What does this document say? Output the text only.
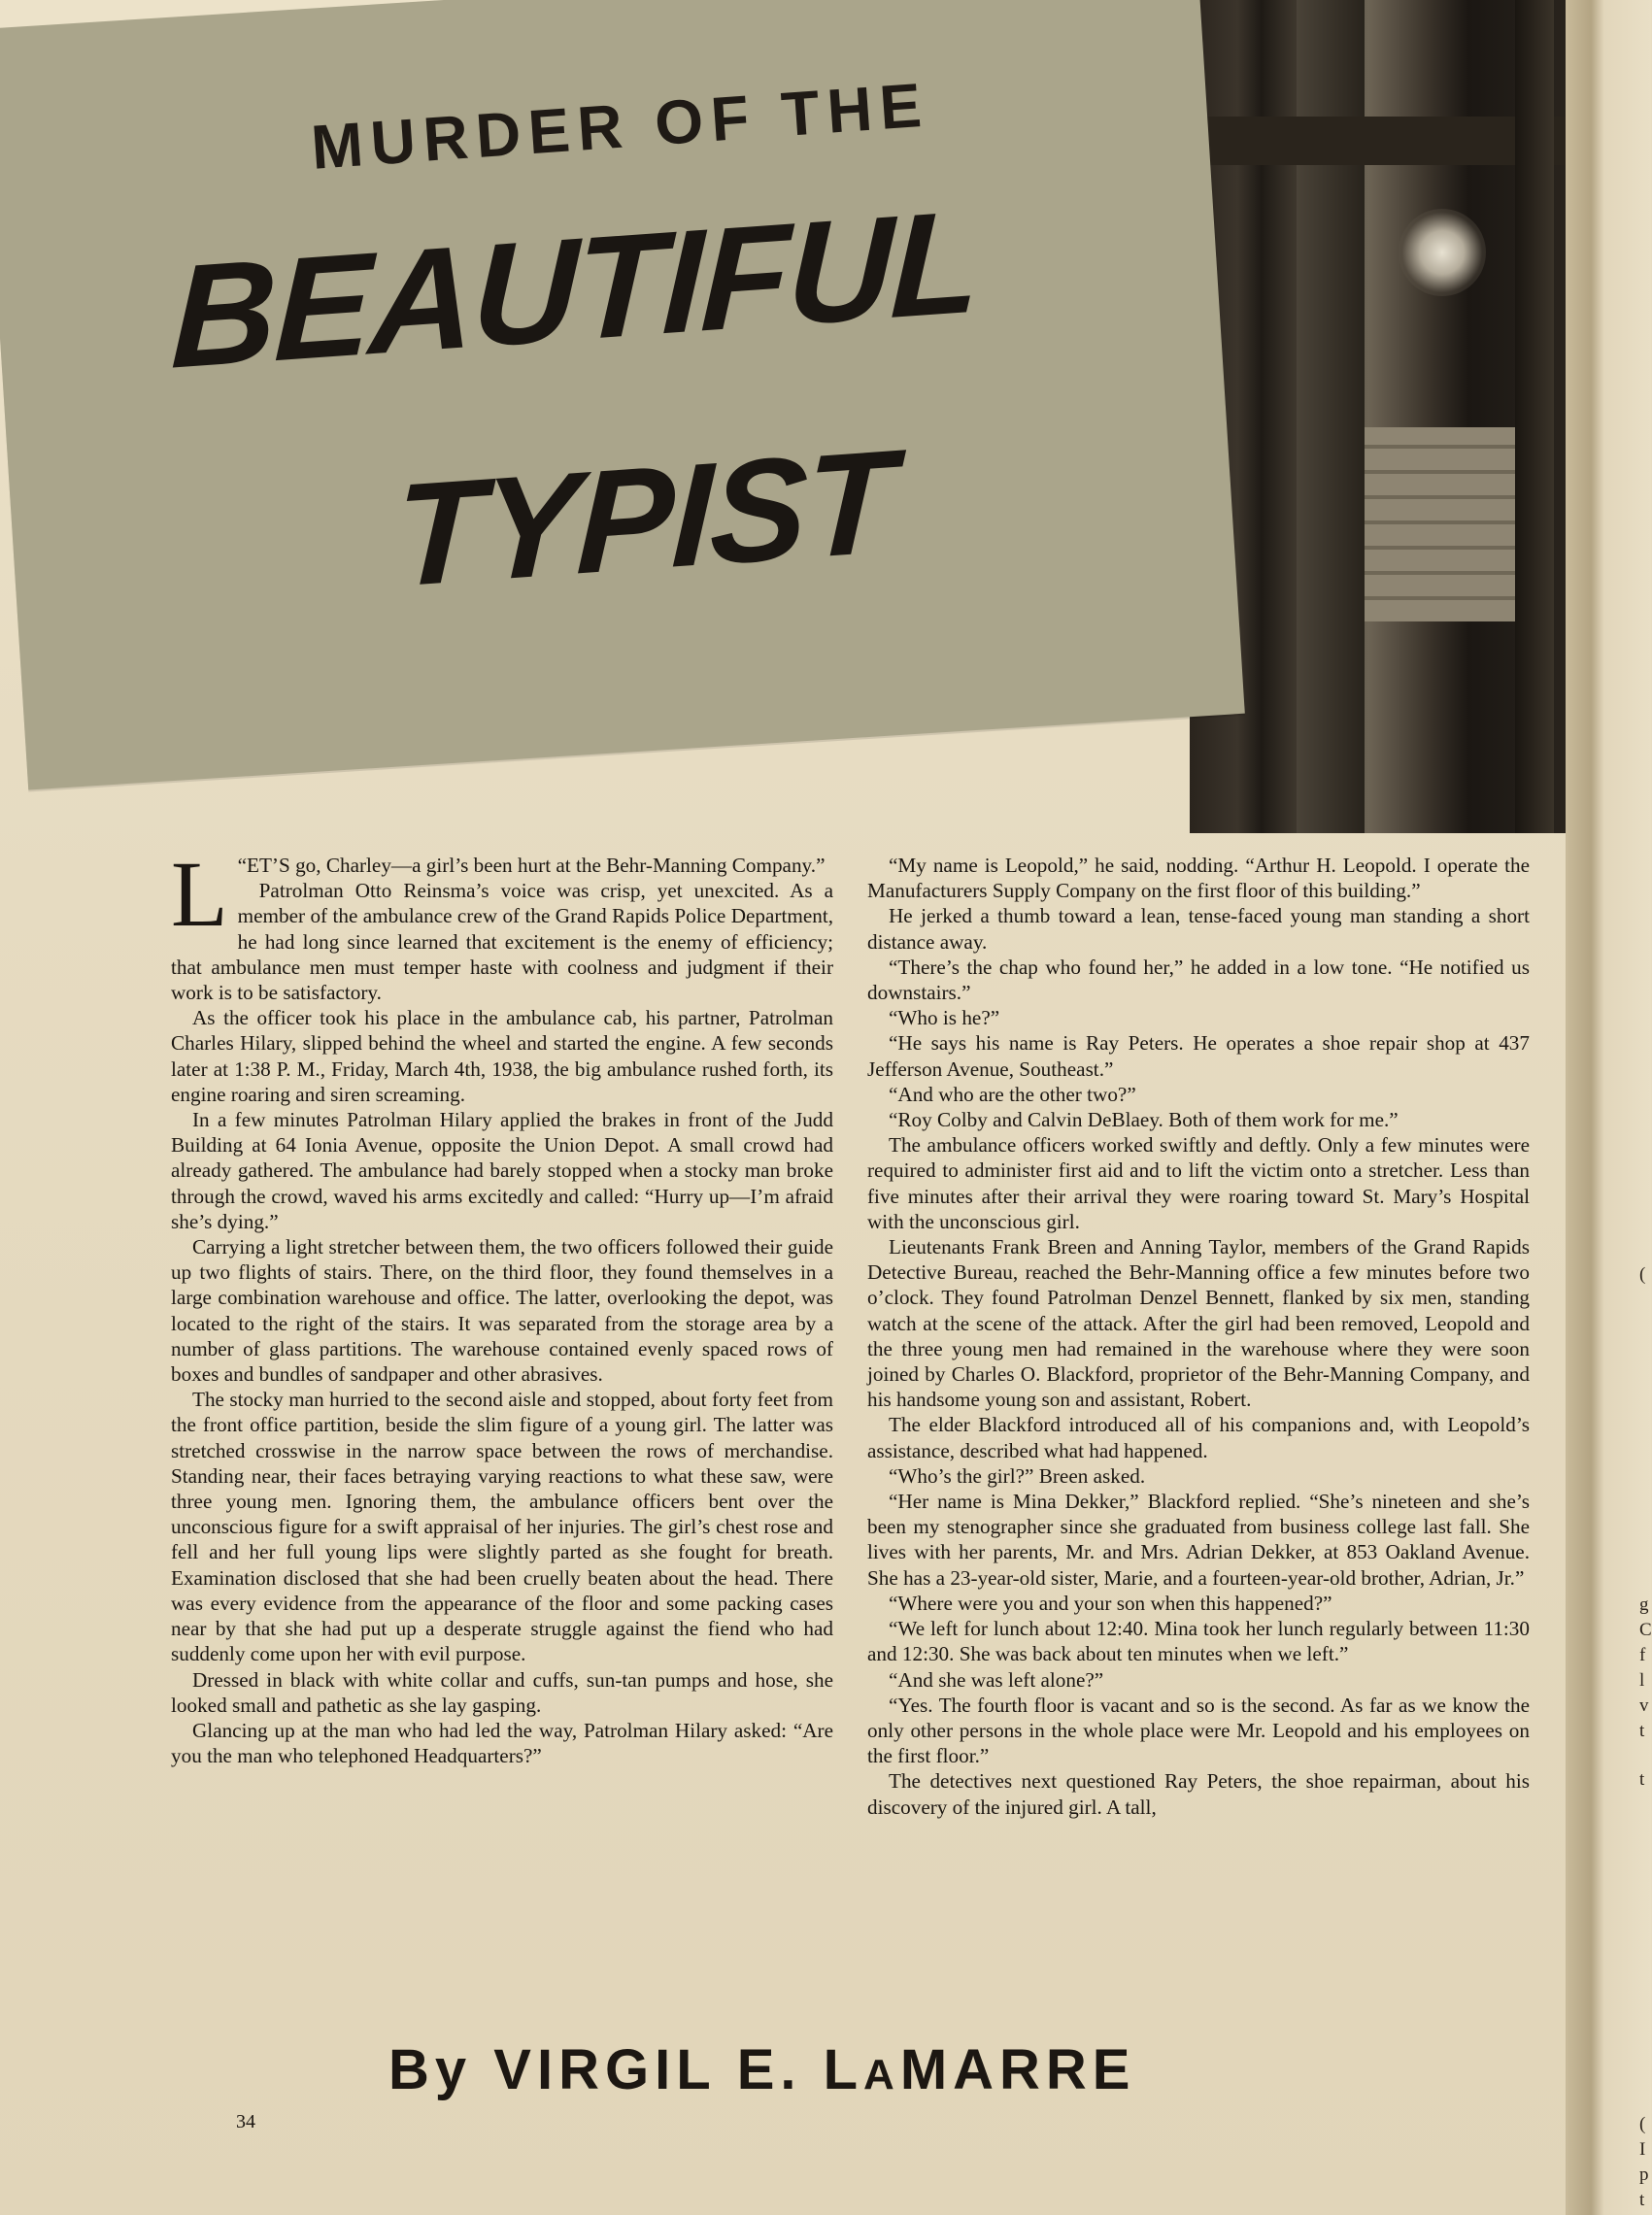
MURDER OF THE
BEAUTIFUL
TYPIST

L “ET’S go, Charley—a girl’s been hurt at the Behr-Manning Company.”

Patrolman Otto Reinsma’s voice was crisp, yet unexcited. As a member of the ambulance crew of the Grand Rapids Police Department, he had long since learned that excitement is the enemy of efficiency; that ambulance men must temper haste with coolness and judgment if their work is to be satisfactory.

As the officer took his place in the ambulance cab, his partner, Patrolman Charles Hilary, slipped behind the wheel and started the engine. A few seconds later at 1:38 P. M., Friday, March 4th, 1938, the big ambulance rushed forth, its engine roaring and siren screaming.

In a few minutes Patrolman Hilary applied the brakes in front of the Judd Building at 64 Ionia Avenue, opposite the Union Depot. A small crowd had already gathered. The ambulance had barely stopped when a stocky man broke through the crowd, waved his arms excitedly and called: “Hurry up—I’m afraid she’s dying.”

Carrying a light stretcher between them, the two officers followed their guide up two flights of stairs. There, on the third floor, they found themselves in a large combination warehouse and office. The latter, overlooking the depot, was located to the right of the stairs. It was separated from the storage area by a number of glass partitions. The warehouse contained evenly spaced rows of boxes and bundles of sandpaper and other abrasives.

The stocky man hurried to the second aisle and stopped, about forty feet from the front office partition, beside the slim figure of a young girl. The latter was stretched crosswise in the narrow space between the rows of merchandise. Standing near, their faces betraying varying reactions to what these saw, were three young men. Ignoring them, the ambulance officers bent over the unconscious figure for a swift appraisal of her injuries. The girl’s chest rose and fell and her full young lips were slightly parted as she fought for breath. Examination disclosed that she had been cruelly beaten about the head. There was every evidence from the appearance of the floor and some packing cases near by that she had put up a desperate struggle against the fiend who had suddenly come upon her with evil purpose.

Dressed in black with white collar and cuffs, sun-tan pumps and hose, she looked small and pathetic as she lay gasping.

Glancing up at the man who had led the way, Patrolman Hilary asked: “Are you the man who telephoned Headquarters?”

“My name is Leopold,” he said, nodding. “Arthur H. Leopold. I operate the Manufacturers Supply Company on the first floor of this building.”

He jerked a thumb toward a lean, tense-faced young man standing a short distance away.

“There’s the chap who found her,” he added in a low tone. “He notified us downstairs.”

“Who is he?”

“He says his name is Ray Peters. He operates a shoe repair shop at 437 Jefferson Avenue, Southeast.”

“And who are the other two?”

“Roy Colby and Calvin DeBlaey. Both of them work for me.”

The ambulance officers worked swiftly and deftly. Only a few minutes were required to administer first aid and to lift the victim onto a stretcher. Less than five minutes after their arrival they were roaring toward St. Mary’s Hospital with the unconscious girl.

Lieutenants Frank Breen and Anning Taylor, members of the Grand Rapids Detective Bureau, reached the Behr-Manning office a few minutes before two o’clock. They found Patrolman Denzel Bennett, flanked by six men, standing watch at the scene of the attack. After the girl had been removed, Leopold and the three young men had remained in the warehouse where they were soon joined by Charles O. Blackford, proprietor of the Behr-Manning Company, and his handsome young son and assistant, Robert.

The elder Blackford introduced all of his companions and, with Leopold’s assistance, described what had happened.

“Who’s the girl?” Breen asked.

“Her name is Mina Dekker,” Blackford replied. “She’s nineteen and she’s been my stenographer since she graduated from business college last fall. She lives with her parents, Mr. and Mrs. Adrian Dekker, at 853 Oakland Avenue. She has a 23-year-old sister, Marie, and a fourteen-year-old brother, Adrian, Jr.”

“Where were you and your son when this happened?”

“We left for lunch about 12:40. Mina took her lunch regularly between 11:30 and 12:30. She was back about ten minutes when we left.”

“And she was left alone?”

“Yes. The fourth floor is vacant and so is the second. As far as we know the only other persons in the whole place were Mr. Leopold and his employees on the first floor.”

The detectives next questioned Ray Peters, the shoe repairman, about his discovery of the injured girl. A tall,

By VIRGIL E. LAMARRE
34
(
g
C
f
l
v
t
t
(
I
p
t
